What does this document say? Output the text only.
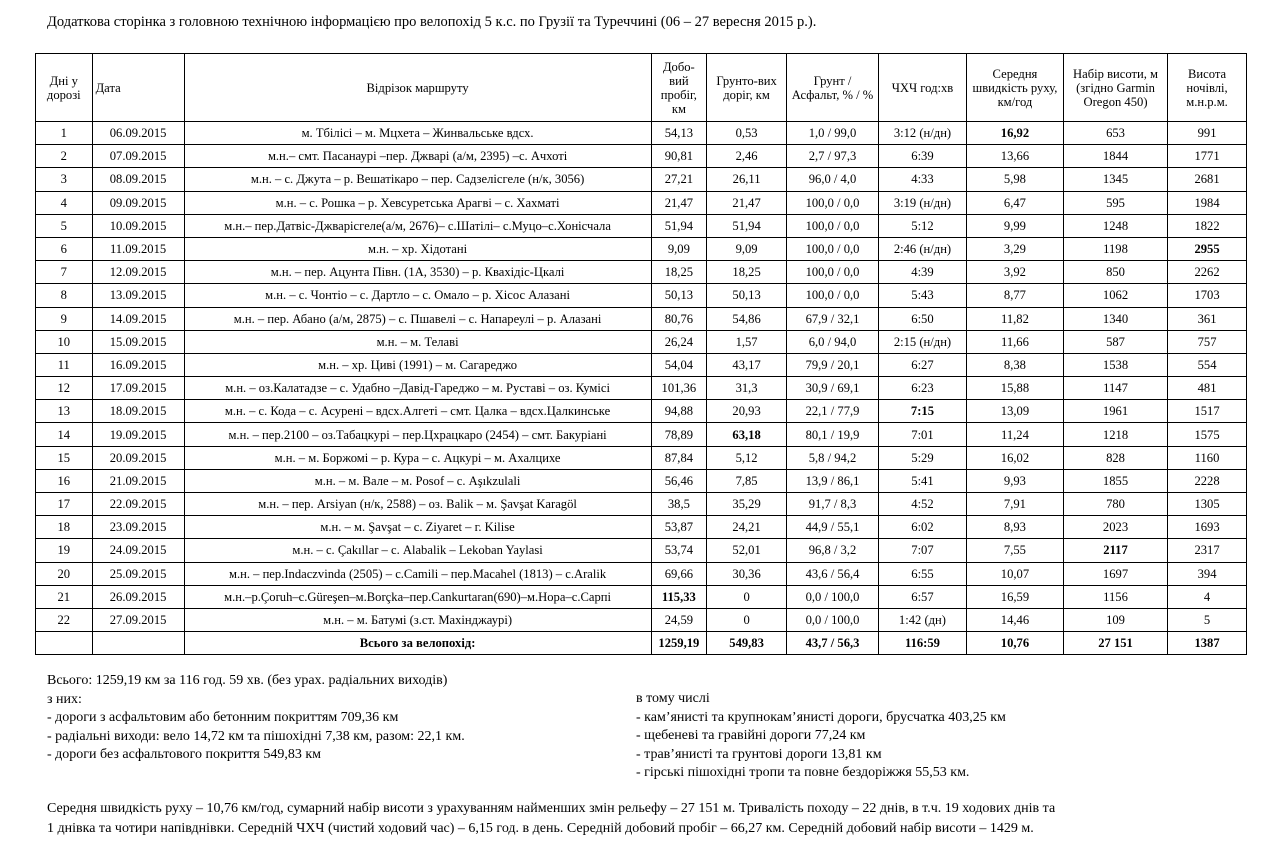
Додаткова сторінка з головною технічною інформацією про велопохід 5 к.с. по Грузії та Туреччині (06 – 27 вересня 2015 р.).
Дні у дорозі	Дата	Відрізок маршруту	Добо-вий пробіг, км	Грунто-вих доріг, км	Грунт / Асфальт, % / %	ЧХЧ год:хв	Середня швидкість руху, км/год	Набір висоти, м (згідно Garmin Oregon 450)	Висота ночівлі, м.н.р.м.
1	06.09.2015	м. Тбілісі – м. Мцхета – Жинвальське вдсх.	54,13	0,53	1,0 / 99,0	3:12 (н/дн)	16,92	653	991
2	07.09.2015	м.н.– смт. Пасанаурі –пер. Джварі (а/м, 2395) –с. Ачхоті	90,81	2,46	2,7 / 97,3	6:39	13,66	1844	1771
3	08.09.2015	м.н. – с. Джута – р. Вешатікаро – пер. Садзелісгеле (н/к, 3056)	27,21	26,11	96,0 / 4,0	4:33	5,98	1345	2681
4	09.09.2015	м.н. – с. Рошка – р. Хевсуретська Арагві – с. Хахматі	21,47	21,47	100,0 / 0,0	3:19 (н/дн)	6,47	595	1984
5	10.09.2015	м.н.– пер.Датвіс-Джварісгеле(а/м, 2676)– с.Шатілі– с.Муцо–с.Хонісчала	51,94	51,94	100,0 / 0,0	5:12	9,99	1248	1822
6	11.09.2015	м.н. – хр. Хідотані	9,09	9,09	100,0 / 0,0	2:46 (н/дн)	3,29	1198	2955
7	12.09.2015	м.н. – пер. Ацунта Півн. (1А, 3530) – р. Квахідіс-Цкалі	18,25	18,25	100,0 / 0,0	4:39	3,92	850	2262
8	13.09.2015	м.н. – с. Чонтіо – с. Дартло – с. Омало – р. Хісос Алазані	50,13	50,13	100,0 / 0,0	5:43	8,77	1062	1703
9	14.09.2015	м.н. – пер. Абано (а/м, 2875) – с. Пшавелі – с. Напареулі – р. Алазані	80,76	54,86	67,9 / 32,1	6:50	11,82	1340	361
10	15.09.2015	м.н. – м. Телаві	26,24	1,57	6,0 / 94,0	2:15 (н/дн)	11,66	587	757
11	16.09.2015	м.н. – хр. Циві (1991) – м. Сагареджо	54,04	43,17	79,9 / 20,1	6:27	8,38	1538	554
12	17.09.2015	м.н. – оз.Калатадзе – с. Удабно –Давід-Гареджо – м. Руставі – оз. Кумісі	101,36	31,3	30,9 / 69,1	6:23	15,88	1147	481
13	18.09.2015	м.н. – с. Кода – с. Асурені – вдсх.Алгеті – смт. Цалка – вдсх.Цалкинське	94,88	20,93	22,1 / 77,9	7:15	13,09	1961	1517
14	19.09.2015	м.н. – пер.2100 – оз.Табацкурі – пер.Цхрацкаро (2454) – смт. Бакуріані	78,89	63,18	80,1 / 19,9	7:01	11,24	1218	1575
15	20.09.2015	м.н. – м. Боржомі – р. Кура – с. Ацкурі – м. Ахалцихе	87,84	5,12	5,8 / 94,2	5:29	16,02	828	1160
16	21.09.2015	м.н. – м. Вале – м. Posof – с. Aşıkzulali	56,46	7,85	13,9 / 86,1	5:41	9,93	1855	2228
17	22.09.2015	м.н. – пер. Arsiyan (н/к, 2588) – оз. Balik – м. Şavşat Karagöl	38,5	35,29	91,7 / 8,3	4:52	7,91	780	1305
18	23.09.2015	м.н. – м. Şavşat – с. Ziyaret – г. Kilise	53,87	24,21	44,9 / 55,1	6:02	8,93	2023	1693
19	24.09.2015	м.н. – с. Çakıllar – с. Alabalik – Lekoban Yaylasi	53,74	52,01	96,8 / 3,2	7:07	7,55	2117	2317
20	25.09.2015	м.н. – пер.Indaczvinda (2505) – с.Camili – пер.Macahel (1813) – с.Aralik	69,66	30,36	43,6 / 56,4	6:55	10,07	1697	394
21	26.09.2015	м.н.–р.Çoruh–с.Güreşen–м.Borçka–пер.Cankurtaran(690)–м.Нора–с.Сарпі	115,33	0	0,0 / 100,0	6:57	16,59	1156	4
22	27.09.2015	м.н. – м. Батумі (з.ст. Махінджаурі)	24,59	0	0,0 / 100,0	1:42 (дн)	14,46	109	5
		Всього за велопохід:	1259,19	549,83	43,7 / 56,3	116:59	10,76	27 151	1387
Всього: 1259,19 км за 116 год. 59 хв. (без урах. радіальних виходів)
з них:
- дороги з асфальтовим або бетонним покриттям 709,36 км
- радіальні виходи: вело 14,72 км та пішохідні 7,38 км, разом: 22,1 км.
- дороги без асфальтового покриття 549,83 км
в тому числі
- кам’янисті та крупнокам’янисті дороги, брусчатка 403,25 км
- щебеневі та гравійні дороги 77,24 км
- трав’янисті та грунтові дороги 13,81 км
- гірські пішохідні тропи та повне бездоріжжя 55,53 км.
Середня швидкість руху – 10,76 км/год, сумарний набір висоти з урахуванням найменших змін рельефу – 27 151 м. Тривалість походу – 22 днів, в т.ч. 19 ходових днів та
1 днівка та чотири напівднівки. Середній ЧХЧ (чистий ходовий час) – 6,15 год. в день. Середній добовий пробіг – 66,27 км. Середній добовий набір висоти – 1429 м.
